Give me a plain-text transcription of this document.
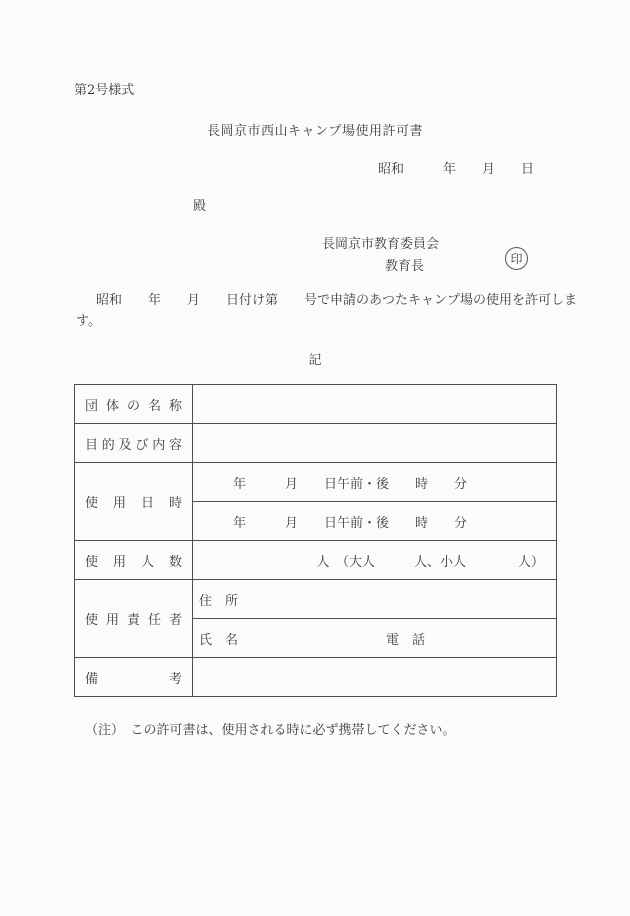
第2号様式
長岡京市西山キャンプ場使用許可書
昭和　　　年　　月　　日
殿
長岡京市教育委員会
教育長	印
昭和　　年　　月　　日付け第　　号で申請のあつたキャンプ場の使用を許可します。
記
団 体 の 名 称	

目 的 及 び 内 容

使 用 日 時	年　　　月　　日午前・後　　時　　分
	年　　　月　　日午前・後　　時　　分

使 用 人 数	人　（大人　　　人、小人　　　　人）

使 用 責 任 者	住　所
	氏　名 電　話

備 考	

（注）　この許可書は、使用される時に必ず携帯してください。
